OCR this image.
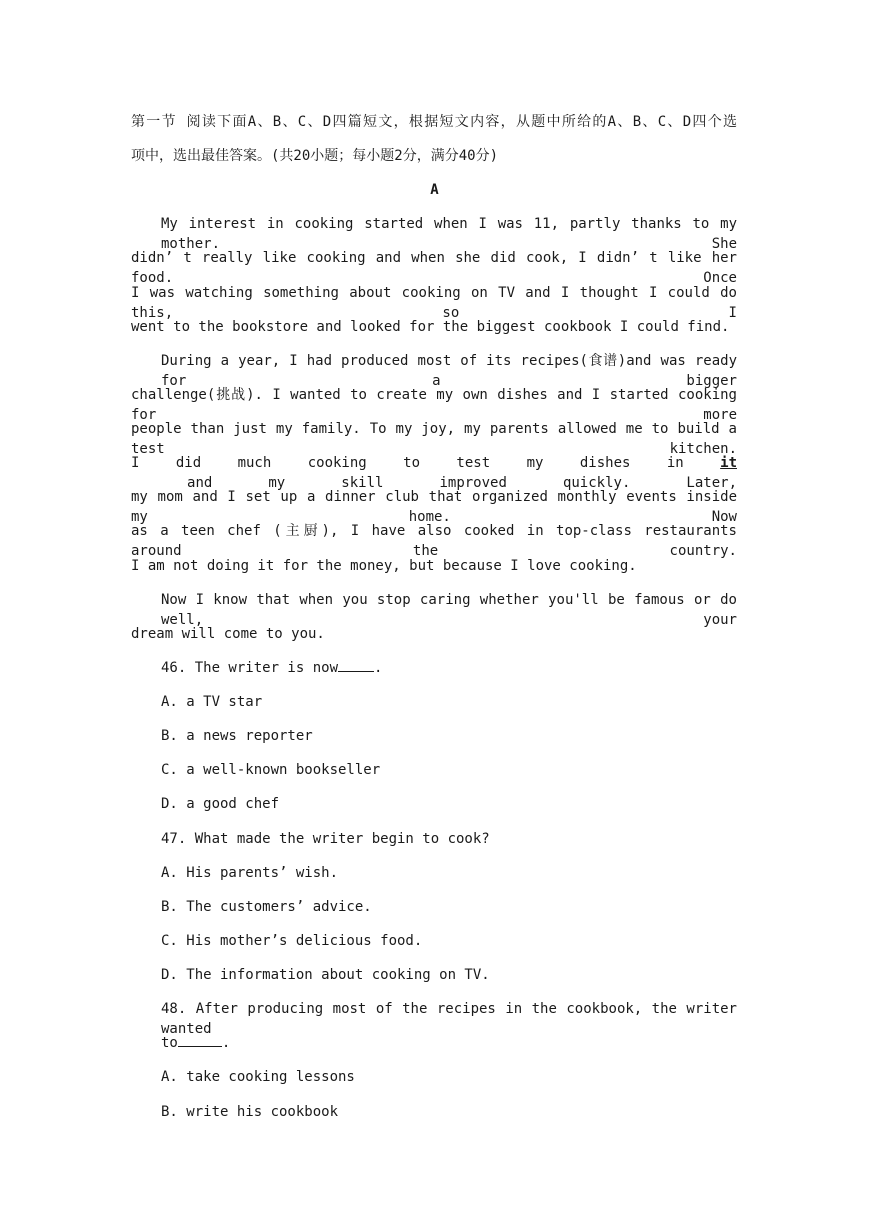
第一节 阅读下面A、B、C、D四篇短文，根据短文内容，从题中所给的A、B、C、D四个选
项中，选出最佳答案。(共20小题；每小题2分，满分40分)
A
My interest in cooking started when I was 11, partly thanks to my mother. She
didn’ t really like cooking and when she did cook, I didn’ t like her food. Once
I was watching something about cooking on TV and I thought I could do this, so I
went to the bookstore and looked for the biggest cookbook I could find.
During a year, I had produced most of its recipes(食谱)and was ready for a bigger
challenge(挑战). I wanted to create my own dishes and I started cooking for more
people than just my family. To my joy, my parents allowed me to build a test kitchen.
I did much cooking to test my dishes in it and my skill improved quickly. Later,
my mom and I set up a dinner club that organized monthly events inside my home. Now
as a teen chef (主厨), I have also cooked in top-class restaurants around the country.
I am not doing it for the money, but because I love cooking.
Now I know that when you stop caring whether you'll be famous or do well, your
dream will come to you.
46. The writer is now	.
A. a TV star
B. a news reporter
C. a well-known bookseller
D. a good chef
47. What made the writer begin to cook?
A. His parents’ wish.
B. The customers’ advice.
C. His mother’s delicious food.
D. The information about cooking on TV.
48. After producing most of the recipes in the cookbook, the writer wanted
to	.
A. take cooking lessons
B. write his cookbook
